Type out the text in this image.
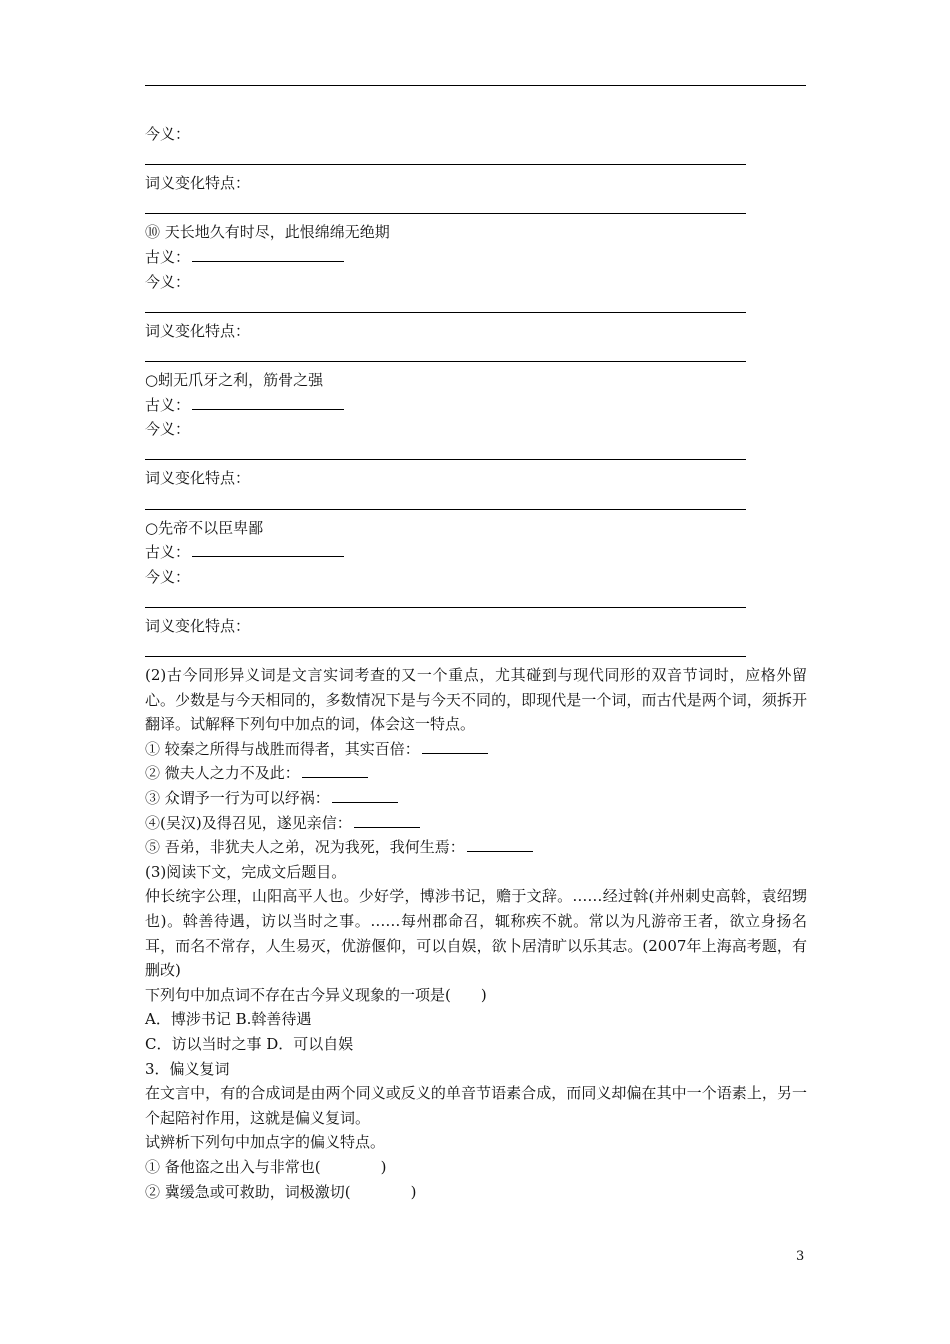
今义：
词义变化特点：
⑩ 天长地久有时尽，此恨绵绵无绝期
古义：
今义：
词义变化特点：
○蚓无爪牙之利，筋骨之强
古义：
今义：
词义变化特点：
○先帝不以臣卑鄙
古义：
今义：
词义变化特点：
(2)古今同形异义词是文言实词考查的又一个重点，尤其碰到与现代同形的双音节词时，应格外留心。少数是与今天相同的，多数情况下是与今天不同的，即现代是一个词，而古代是两个词，须拆开翻译。试解释下列句中加点的词，体会这一特点。
① 较秦之所得与战胜而得者，其实百倍：
② 微夫人之力不及此：
③ 众谓予一行为可以纾祸：
④(吴汉)及得召见，遂见亲信：
⑤ 吾弟，非犹夫人之弟，况为我死，我何生焉：
(3)阅读下文，完成文后题目。
仲长统字公理，山阳高平人也。少好学，博涉书记，赡于文辞。……经过斡(并州刺史高斡，袁绍甥也)。斡善待遇，访以当时之事。……每州郡命召，辄称疾不就。常以为凡游帝王者，欲立身扬名耳，而名不常存，人生易灭，优游偃仰，可以自娱，欲卜居清旷以乐其志。(2007年上海高考题，有删改)
下列句中加点词不存在古今异义现象的一项是(　　)
A．博涉书记 B.斡善待遇
C．访以当时之事 D．可以自娱
3．偏义复词
在文言中，有的合成词是由两个同义或反义的单音节语素合成，而同义却偏在其中一个语素上，另一个起陪衬作用，这就是偏义复词。
试辨析下列句中加点字的偏义特点。
① 备他盗之出入与非常也(　　　　)
② 冀缓急或可救助，词极激切(　　　　)
3
